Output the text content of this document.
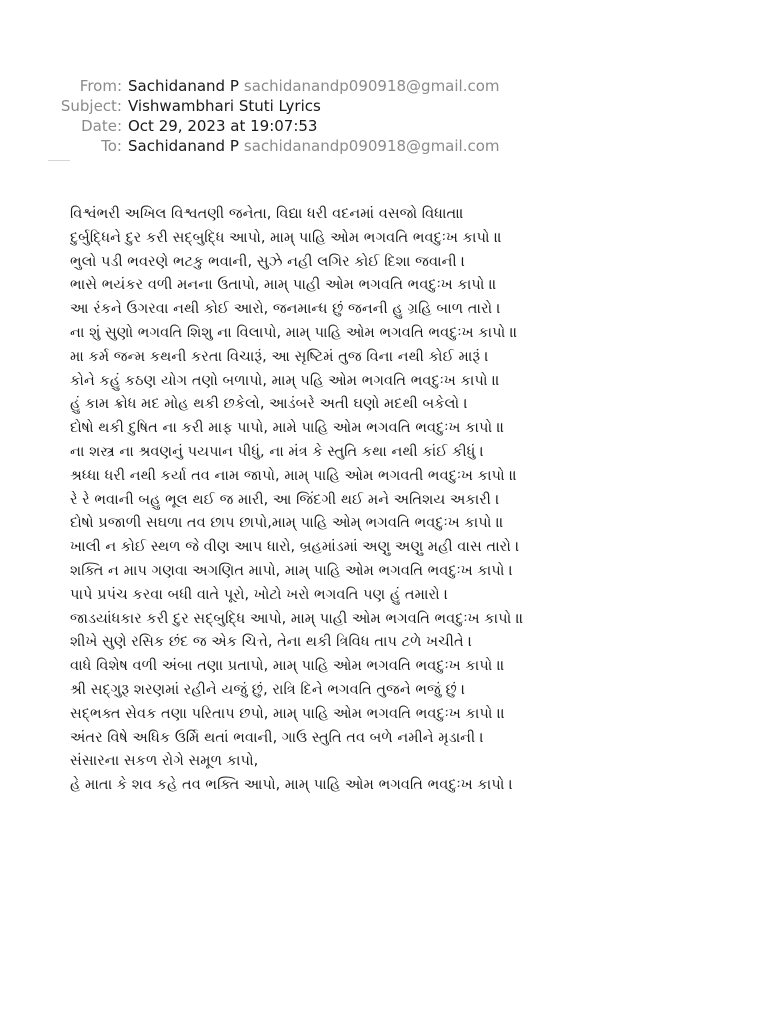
From: Sachidanand P sachidanandp090918@gmail.com
Subject: Vishwambhari Stuti Lyrics
Date: Oct 29, 2023 at 19:07:53
To: Sachidanand P sachidanandp090918@gmail.com
વિશ્વંભરી અખિલ વિશ્વતણી જનેતા, વિદ્યા ધરી વદનમાં વસજો વિધાતા।
દુર્બુદ્ધિને દુર કરી સદ્બુદ્ધિ આપો, મામ્ પાહિ ઓમ ભગવતિ ભવદુઃખ કાપો ॥
ભુલો પડી ભવરણે ભટકુ ભવાની, સુઝે નહી લગિર કોઈ દિશા જવાની ।
ભાસે ભયંકર વળી મનના ઉતાપો, મામ્ પાહી ઓમ ભગવતિ ભવદુઃખ કાપો ॥
આ રંકને ઉગરવા નથી કોઈ આરો, જનમાન્ધ છું જનની હુ ગ્રહિ બાળ તારો ।
ના શું સુણો ભગવતિ શિશુ ના વિલાપો, મામ્ પાહિ ઓમ ભગવતિ ભવદુઃખ કાપો ॥
મા કર્મ જન્મ કથની કરતા વિચારૂં, આ સૃષ્ટિમં તુજ વિના નથી કોઈ મારૂં ।
કોને કહું કઠણ યોગ તણો બળાપો, મામ્ પહિ ઓમ ભગવતિ ભવદુઃખ કાપો ॥
હું કામ ક્રોધ મદ મોહ થકી છકેલો, આડંબરે અતી ઘણો મદથી બકેલો ।
દોષો થકી દુષિત ના કરી માફ પાપો, મામે પાહિ ઓમ ભગવતિ ભવદુઃખ કાપો ॥
ના શસ્ત્ર ના શ્રવણનું પયપાન પીધું, ના મંત્ર કે સ્તુતિ કથા નથી કાંઈ કીધું ।
શ્રધ્ધા ધરી નથી કર્યા તવ નામ જાપો, મામ્ પાહિ ઓમ ભગવતી ભવદુઃખ કાપો ॥
રે રે ભવાની બહુ ભૂલ થઈ જ મારી, આ જિંદગી થઈ મને અતિશય અકારી ।
દોષો પ્રજાળી સઘળા તવ છાપ છાપો,મામ્ પાહિ ઓમ્ ભગવતિ ભવદુઃખ કાપો ॥
ખાલી ન કોઈ સ્થળ જે વીણ આપ ધારો, બ્રહમાંડમાં અણુ અણુ મહી વાસ તારો ।
શક્તિ ન માપ ગણવા અગણિત માપો, મામ્ પાહિ ઓમ ભગવતિ ભવદુઃખ કાપો ।
પાપે પ્રપંચ કરવા બધી વાતે પૂરો, ખોટો ખરો ભગવતિ પણ હું તમારો ।
જાડયાંધકાર કરી દુર સદ્બુદ્ધિ આપો, મામ્ પાહી ઓમ ભગવતિ ભવદુઃખ કાપો ॥
શીખે સુણે રસિક છંદ જ એક ચિત્તે, તેના થકી ત્રિવિધ તાપ ટળે ખચીતે ।
વાધે વિશેષ વળી અંબા તણા પ્રતાપો, મામ્ પાહિ ઓમ ભગવતિ ભવદુઃખ કાપો ॥
શ્રી સદ્ગુરૂ શરણમાં રહીને યજું છું, રાત્રિ દિને ભગવતિ તુજને ભજું છું ।
સદ્ભક્ત સેવક તણા પરિતાપ છપો, મામ્ પાહિ ઓમ ભગવતિ ભવદુઃખ કાપો ।।
અંતર વિષે અધિક ઉર્મિ થતાં ભવાની, ગાઉ સ્તુતિ તવ બળે નમીને મૃડાની ।
સંસારના સકળ રોગે સમૂળ કાપો,
હે માતા કે શવ કહે તવ ભક્તિ આપો, મામ્ પાહિ ઓમ ભગવતિ ભવદુઃખ કાપો ।
